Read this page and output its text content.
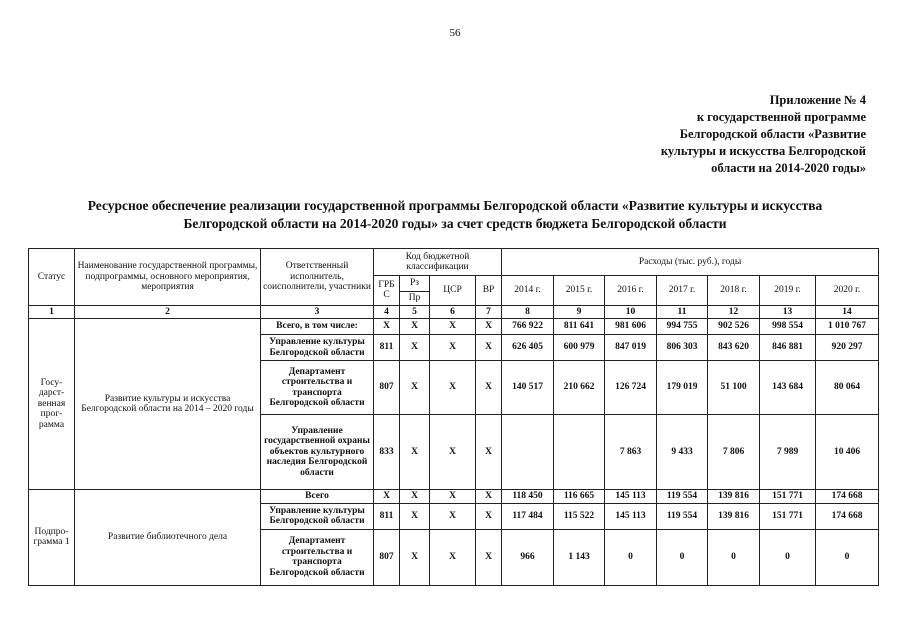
56
Приложение № 4
к государственной программе
Белгородской области «Развитие
культуры и искусства Белгородской
области на 2014-2020 годы»
Ресурсное обеспечение реализации государственной программы Белгородской области «Развитие культуры и искусства
Белгородской области на 2014-2020 годы» за счет средств бюджета Белгородской области
Статус	Наименование государственной программы, подпрограммы, основного мероприятия, мероприятия	Ответственный исполнитель, соисполнители, участники	Код бюджетной классификации				Расходы (тыс. руб.), годы						
			ГРБ С	Рз	ЦСР	ВР	2014 г.	2015 г.	2016 г.	2017 г.	2018 г.	2019 г.	2020 г.
				Пр									
1	2	3	4	5	6	7	8	9	10	11	12	13	14
Госу- дарст- венная прог- рамма	Развитие культуры и искусства Белгородской области на 2014 – 2020 годы	Всего, в том числе:	X	X	X	X	766 922	811 641	981 606	994 755	902 526	998 554	1 010 767
		Управление культуры Белгородской области	811	X	X	X	626 405	600 979	847 019	806 303	843 620	846 881	920 297
		Департамент строительства и транспорта Белгородской области	807	X	X	X	140 517	210 662	126 724	179 019	51 100	143 684	80 064
		Управление государственной охраны объектов культурного наследия Белгородской области	833	X	X	X			7 863	9 433	7 806	7 989	10 406
Подпро- грамма 1	Развитие библиотечного дела	Всего	X	X	X	X	118 450	116 665	145 113	119 554	139 816	151 771	174 668
		Управление культуры Белгородской области	811	X	X	X	117 484	115 522	145 113	119 554	139 816	151 771	174 668
		Департамент строительства и транспорта Белгородской области	807	X	X	X	966	1 143	0	0	0	0	0
